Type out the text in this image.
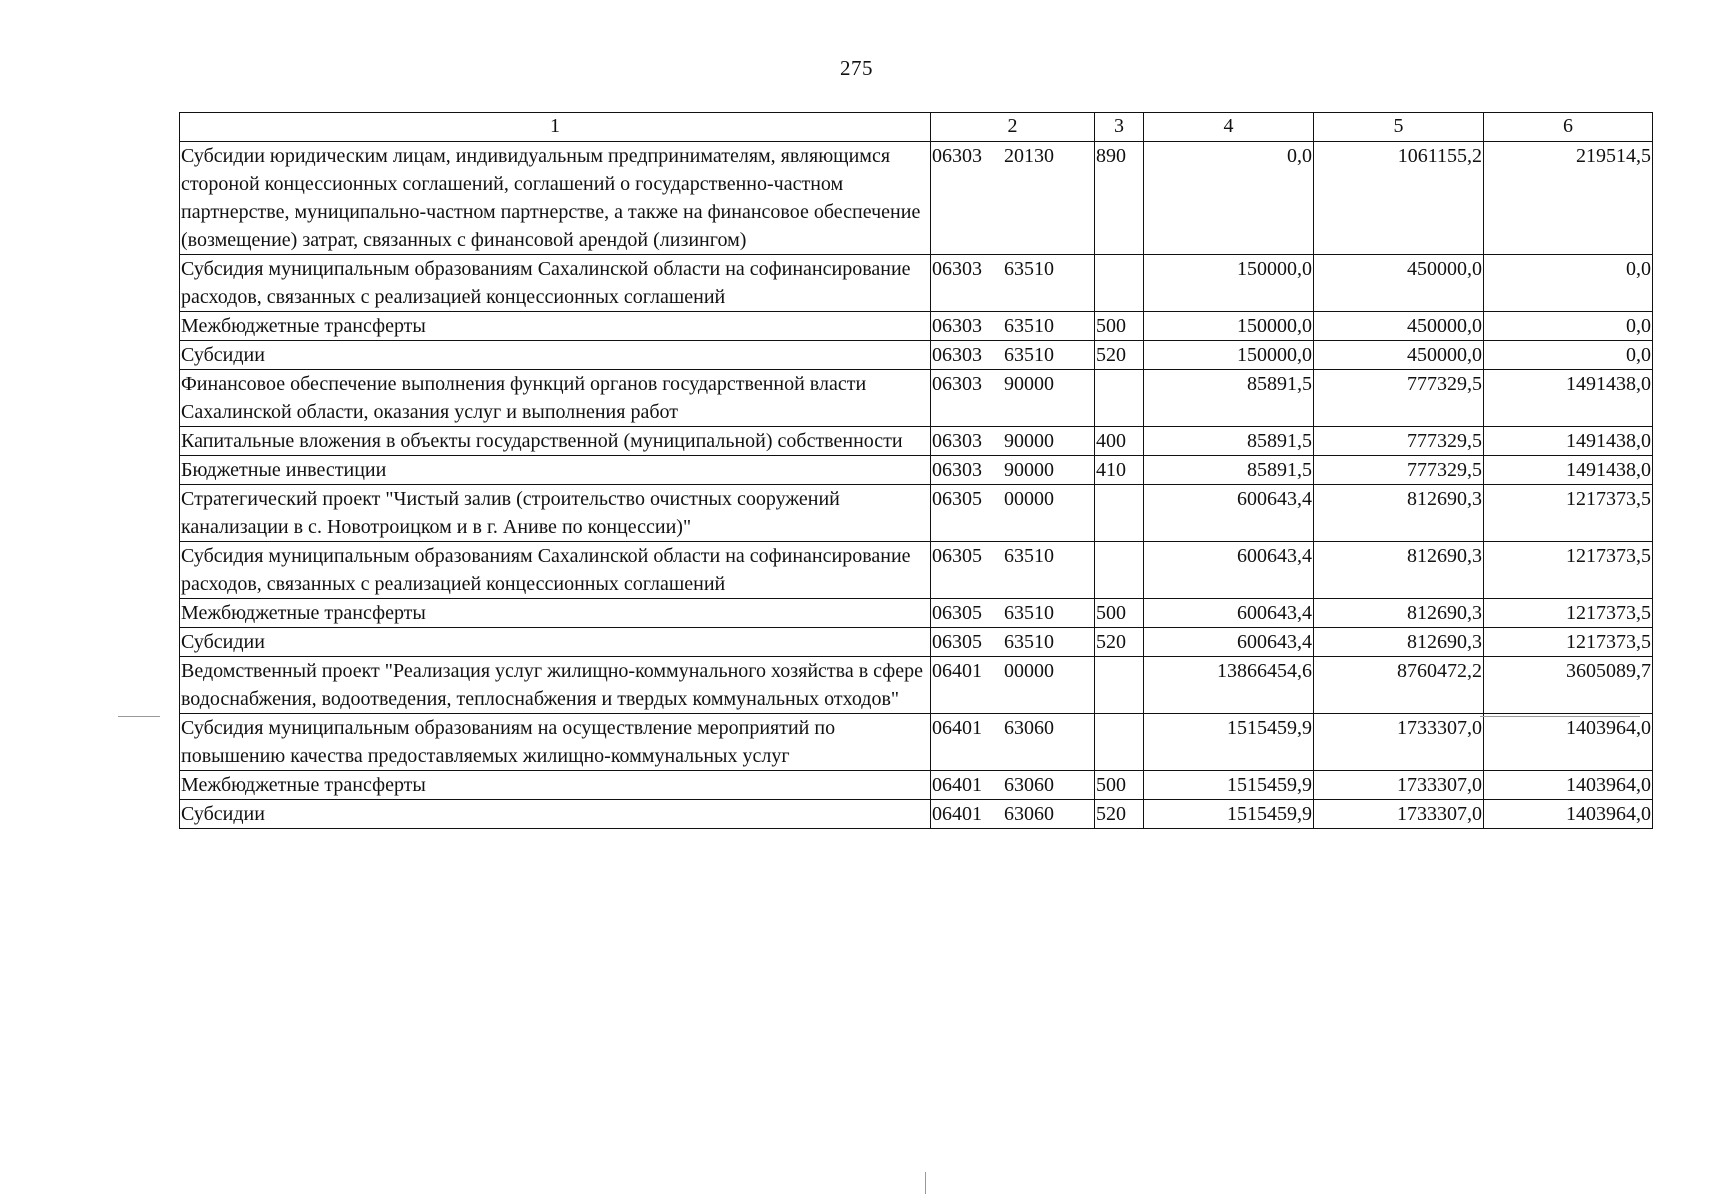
275
1	2	3	4	5	6
Субсидии юридическим лицам, индивидуальным предпринимателям, являющимся стороной концессионных соглашений, соглашений о государственно-частном партнерстве, муниципально-частном партнерстве, а также на финансовое обеспечение (возмещение) затрат, связанных с финансовой арендой (лизингом)	06303 20130	890	0,0	1061155,2	219514,5
Субсидия муниципальным образованиям Сахалинской области на софинансирование расходов, связанных с реализацией концессионных соглашений	06303 63510		150000,0	450000,0	0,0
Межбюджетные трансферты	06303 63510	500	150000,0	450000,0	0,0
Субсидии	06303 63510	520	150000,0	450000,0	0,0
Финансовое обеспечение выполнения функций органов государственной власти Сахалинской области, оказания услуг и выполнения работ	06303 90000		85891,5	777329,5	1491438,0
Капитальные вложения в объекты государственной (муниципальной) собственности	06303 90000	400	85891,5	777329,5	1491438,0
Бюджетные инвестиции	06303 90000	410	85891,5	777329,5	1491438,0
Стратегический проект "Чистый залив (строительство очистных сооружений канализации в с. Новотроицком и в г. Аниве по концессии)"	06305 00000		600643,4	812690,3	1217373,5
Субсидия муниципальным образованиям Сахалинской области на софинансирование расходов, связанных с реализацией концессионных соглашений	06305 63510		600643,4	812690,3	1217373,5
Межбюджетные трансферты	06305 63510	500	600643,4	812690,3	1217373,5
Субсидии	06305 63510	520	600643,4	812690,3	1217373,5
Ведомственный проект "Реализация услуг жилищно-коммунального хозяйства в сфере водоснабжения, водоотведения, теплоснабжения и твердых коммунальных отходов"	06401 00000		13866454,6	8760472,2	3605089,7
Субсидия муниципальным образованиям на осуществление мероприятий по повышению качества предоставляемых жилищно-коммунальных услуг	06401 63060		1515459,9	1733307,0	1403964,0
Межбюджетные трансферты	06401 63060	500	1515459,9	1733307,0	1403964,0
Субсидии	06401 63060	520	1515459,9	1733307,0	1403964,0
